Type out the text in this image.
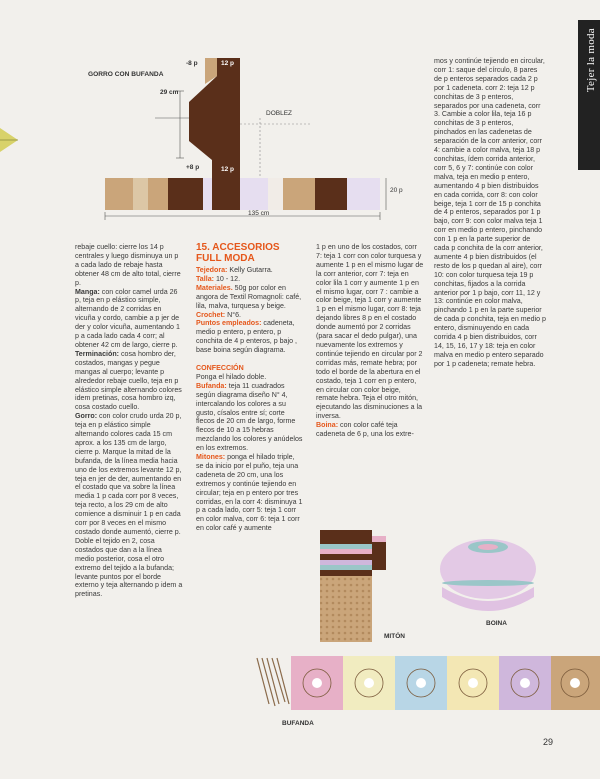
Tejer la moda
GORRO CON BUFANDA
-8 p	12 p
29 cm
DOBLEZ
+8 p	12 p
20 p
135 cm
rebaje cuello: cierre los 14 p centrales y luego disminuya un p a cada lado de rebaje hasta obtener 48 cm de alto total, cierre p.
Manga: con color camel urda 26 p, teja en p elástico simple, alternando de 2 corridas en vicuña y cordo, cambie a p jer de der y color vicuña, aumentando 1 p a cada lado cada 4 corr; al obtener 42 cm de largo, cierre p.
Terminación: cosa hombro der, costados, mangas y pegue mangas al cuerpo; levante p alrededor rebaje cuello, teja en p elástico simple alternando colores idem pretinas, cosa hombro izq, cosa costado cuello.
Gorro: con color crudo urda 20 p, teja en p elástico simple alternando colores cada 15 cm aprox. a los 135 cm de largo, cierre p. Marque la mitad de la bufanda, de la línea media hacia uno de los extremos levante 12 p, teja en jer de der, aumentando en el costado que va sobre la línea media 1 p cada corr por 8 veces, teja recto, a los 29 cm de alto comience a disminuir 1 p en cada corr por 8 veces en el mismo costado donde aumentó, cierre p.
Doble el tejido en 2, cosa costados que dan a la línea medio posterior, cosa el otro extremo del tejido a la bufanda; levante puntos por el borde externo y teja alternando p idem a pretinas.
15. ACCESORIOS FULL MODA
Tejedora: Kelly Gutarra.
Talla: 10 - 12.
Materiales. 50g por color en angora de Textil Romagnoli: café, lila, malva, turquesa y beige.
Crochet: N°6.
Puntos empleados: cadeneta, medio p entero, p entero, p conchita de 4 p enteros, p bajo , base boina según diagrama.

CONFECCIÓN
Ponga el hilado doble.
Bufanda: teja 11 cuadrados según diagrama diseño N° 4, intercalando los colores a su gusto, císalos entre sí; corte flecos de 20 cm de largo, forme flecos de 10 a 15 hebras mezclando los colores y anúdelos en los extremos.
Mitones: ponga el hilado triple, se da inicio por el puño, teja una cadeneta de 20 cm, una los extremos y continúe tejiendo en circular; teja en p entero por tres corridas, en la corr 4: disminuya 1 p a cada lado, corr 5: teja 1 corr en color malva, corr 6: teja 1 corr en color café y aumente
1 p en uno de los costados, corr 7: teja 1 corr con color turquesa y aumente 1 p en el mismo lugar de la corr anterior, corr 7: teja en color lila 1 corr y aumente 1 p en el mismo lugar, corr 7 : cambie a color beige, teja 1 corr y aumente 1 p en el mismo lugar, corr 8: teja dejando libres 8 p en el costado donde aumentó por 2 corridas (para sacar el dedo pulgar), una nuevamente los extremos y continúe tejiendo en circular por 2 corridas más, remate hebra; por todo el borde de la abertura en el costado, teja 1 corr en p entero, en circular con color beige, remate hebra. Teja el otro mitón, ejecutando las disminuciones a la inversa.
Boina: con color café teja cadeneta de 6 p, una los extre-
mos y continúe tejiendo en circular, corr 1: saque del círculo, 8 pares de p enteros separados cada 2 p por 1 cadeneta. corr 2: teja 12 p conchitas de 3 p enteros, separados por una cadeneta, corr 3. Cambie a color lila, teja 16 p conchitas de 3 p enteros, pinchados en las cadenetas de separación de la corr anterior, corr 4: cambie a color malva, teja 18 p conchitas, ídem corrida anterior, corr 5, 6 y 7: continúe con color malva, teja en medio p entero, aumentando 4 p bien distribuidos en cada corrida, corr 8: con color beige, teja 1 corr de 15 p conchita de 4 p enteros, separados por 1 p bajo, corr 9: con color malva teja 1 corr en medio p entero, pinchando con 1 p en la parte superior de cada p conchita de la corr anterior, aumente 4 p bien distribuidos (el resto de los p quedan al aire), corr 10: con color turquesa teja 19 p conchitas, fijados a la corrida anterior por 1 p bajo, corr 11, 12 y 13: continúe en color malva, pinchando 1 p en la parte superior de cada p conchita, teja en medio p entero, disminuyendo en cada corrida 4 p bien distribuidos, corr 14, 15, 16, 17 y 18: teja en color malva en medio p entero separado por 1 p cadeneta; remate hebra.
MITÓN
BOINA
BUFANDA
29
